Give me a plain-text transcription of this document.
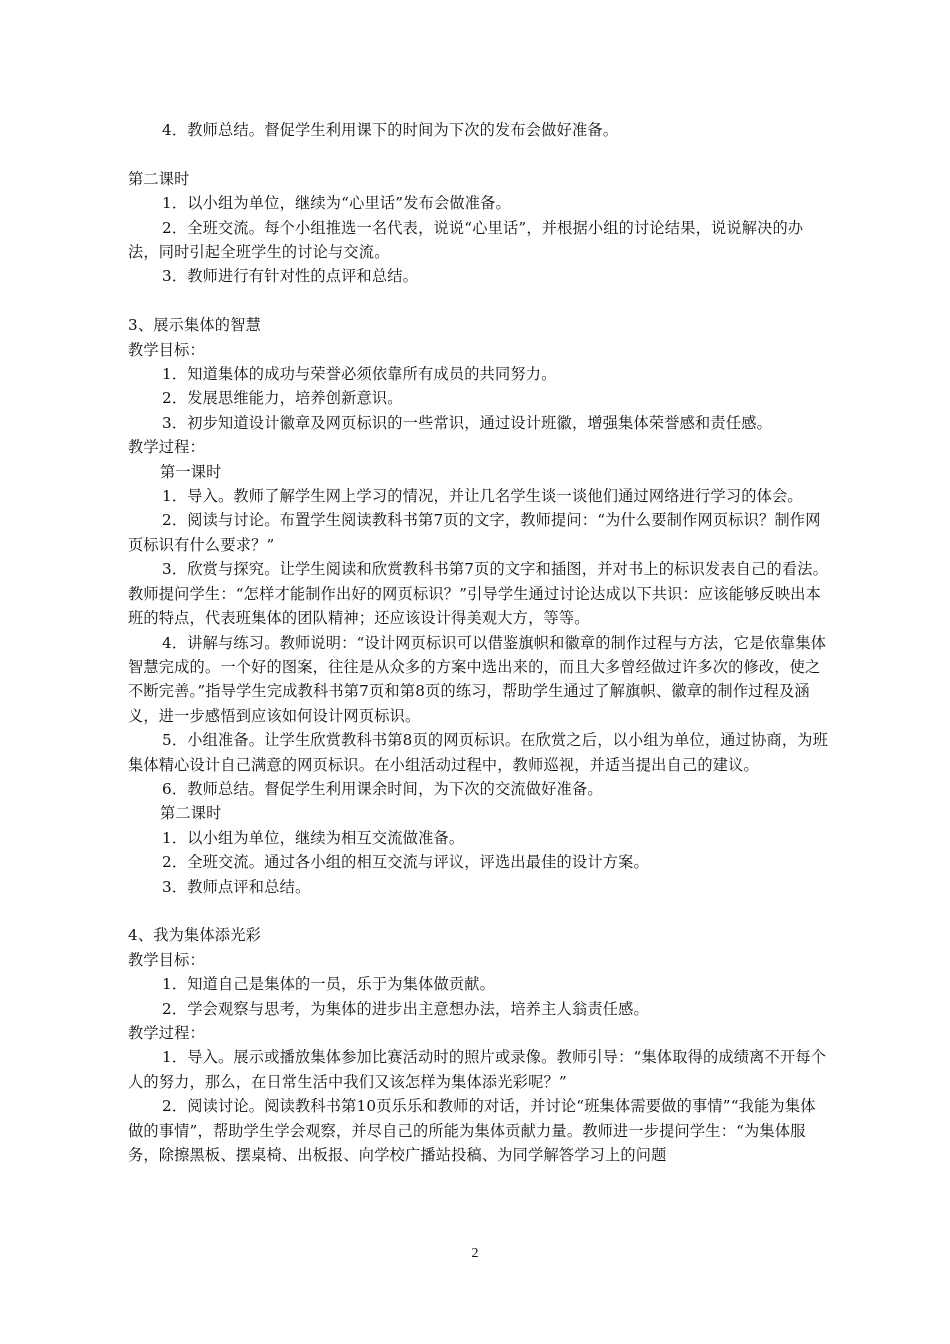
4．教师总结。督促学生利用课下的时间为下次的发布会做好准备。

第二课时

1．以小组为单位，继续为“心里话”发布会做准备。

2．全班交流。每个小组推选一名代表，说说“心里话”，并根据小组的讨论结果，说说解决的办法，同时引起全班学生的讨论与交流。

3．教师进行有针对性的点评和总结。

3、展示集体的智慧

教学目标：

1．知道集体的成功与荣誉必须依靠所有成员的共同努力。

2．发展思维能力，培养创新意识。

3．初步知道设计徽章及网页标识的一些常识，通过设计班徽，增强集体荣誉感和责任感。

教学过程：

第一课时

1．导入。教师了解学生网上学习的情况，并让几名学生谈一谈他们通过网络进行学习的体会。

2．阅读与讨论。布置学生阅读教科书第7页的文字，教师提问：“为什么要制作网页标识？制作网页标识有什么要求？”

3．欣赏与探究。让学生阅读和欣赏教科书第7页的文字和插图，并对书上的标识发表自己的看法。教师提问学生：“怎样才能制作出好的网页标识？”引导学生通过讨论达成以下共识：应该能够反映出本班的特点，代表班集体的团队精神；还应该设计得美观大方，等等。

4．讲解与练习。教师说明：“设计网页标识可以借鉴旗帜和徽章的制作过程与方法，它是依靠集体智慧完成的。一个好的图案，往往是从众多的方案中选出来的，而且大多曾经做过许多次的修改，使之不断完善。”指导学生完成教科书第7页和第8页的练习，帮助学生通过了解旗帜、徽章的制作过程及涵义，进一步感悟到应该如何设计网页标识。

5．小组准备。让学生欣赏教科书第8页的网页标识。在欣赏之后，以小组为单位，通过协商，为班集体精心设计自己满意的网页标识。在小组活动过程中，教师巡视，并适当提出自己的建议。

6．教师总结。督促学生利用课余时间，为下次的交流做好准备。

第二课时

1．以小组为单位，继续为相互交流做准备。

2．全班交流。通过各小组的相互交流与评议，评选出最佳的设计方案。

3．教师点评和总结。

4、我为集体添光彩

教学目标：

1．知道自己是集体的一员，乐于为集体做贡献。

2．学会观察与思考，为集体的进步出主意想办法，培养主人翁责任感。

教学过程：

1．导入。展示或播放集体参加比赛活动时的照片或录像。教师引导：“集体取得的成绩离不开每个人的努力，那么，在日常生活中我们又该怎样为集体添光彩呢？”

2．阅读讨论。阅读教科书第10页乐乐和教师的对话，并讨论“班集体需要做的事情”“我能为集体做的事情”，帮助学生学会观察，并尽自己的所能为集体贡献力量。教师进一步提问学生：“为集体服务，除擦黑板、摆桌椅、出板报、向学校广播站投稿、为同学解答学习上的问题

2
